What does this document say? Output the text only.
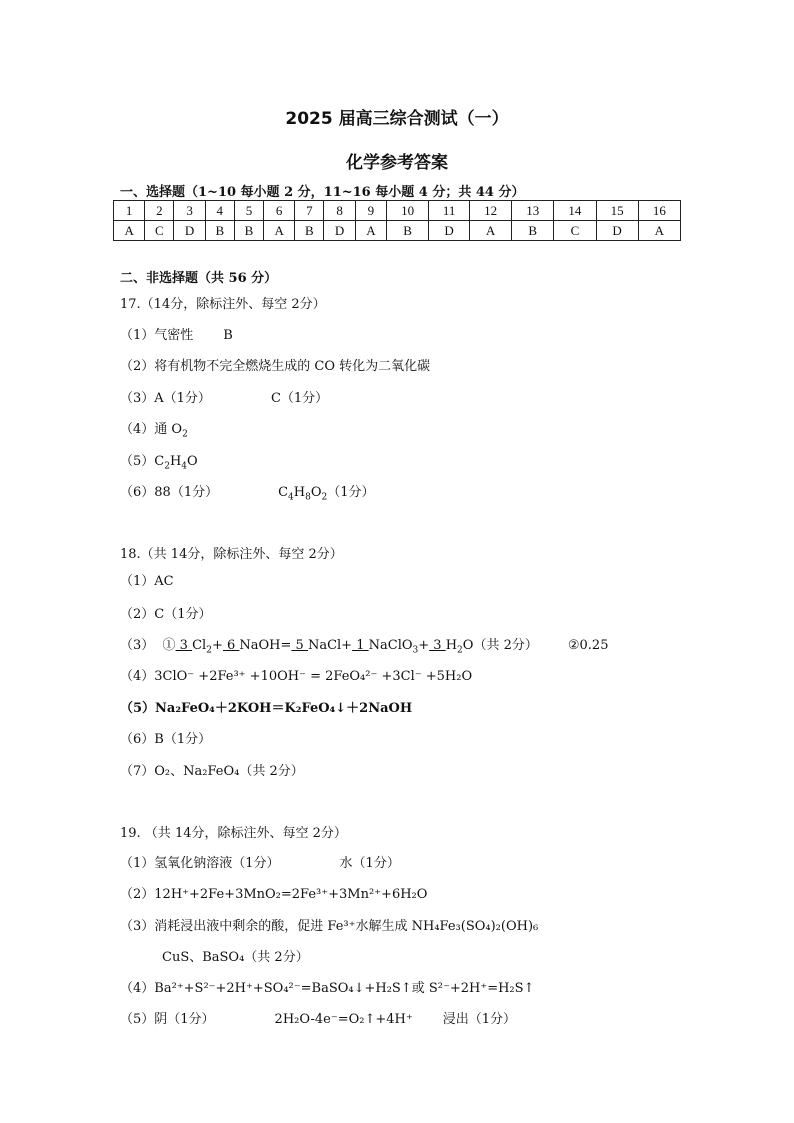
2025 届高三综合测试（一）
化学参考答案
一、选择题（1~10 每小题 2 分，11~16 每小题 4 分；共 44 分）
1	2	3	4	5	6	7	8	9	10	11	12	13	14	15	16
A	C	D	B	B	A	B	D	A	B	D	A	B	C	D	A
二、非选择题（共 56 分）
17.（14分，除标注外、每空 2分）
（1）气密性 B
（2）将有机物不完全燃烧生成的 CO 转化为二氧化碳
（3）A（1分）	C（1分）
（4）通 $O_2$
$(5)C_2H_4O$
（6）88（1分）	$C_4H_8O_2(1$分）
18.（共 14分，除标注外、每空 2分）
（1）AC
（2）C（1分）
（3）  ① 3 $Cl_2+ 6$ NaOH= 5 NaCl+ 1 NaClO$_3$+ 3 $H_2O$（共 2分） ②0.25
（4）3ClO⁻ +2Fe³⁺ +10OH⁻ = 2FeO₄²⁻ +3Cl⁻ +5H₂O
（5）Na₂FeO₄＋2KOH＝K₂FeO₄↓＋2NaOH
（6）B（1分）
（7）O₂、Na₂FeO₄（共 2分）
19. （共 14分，除标注外、每空 2分）
（1）氢氧化钠溶液（1分）	水（1分）
（2）12H⁺+2Fe+3MnO₂=2Fe³⁺+3Mn²⁺+6H₂O
（3）消耗浸出液中剩余的酸，促进 Fe³⁺水解生成 NH₄Fe₃(SO₄)₂(OH)₆
CuS、BaSO₄（共 2分）
（4）Ba²⁺+S²⁻+2H⁺+SO₄²⁻=BaSO₄↓+H₂S↑或 S²⁻+2H⁺=H₂S↑
（5）阴（1分）	2H₂O-4e⁻=O₂↑+4H⁺ 浸出（1分）
